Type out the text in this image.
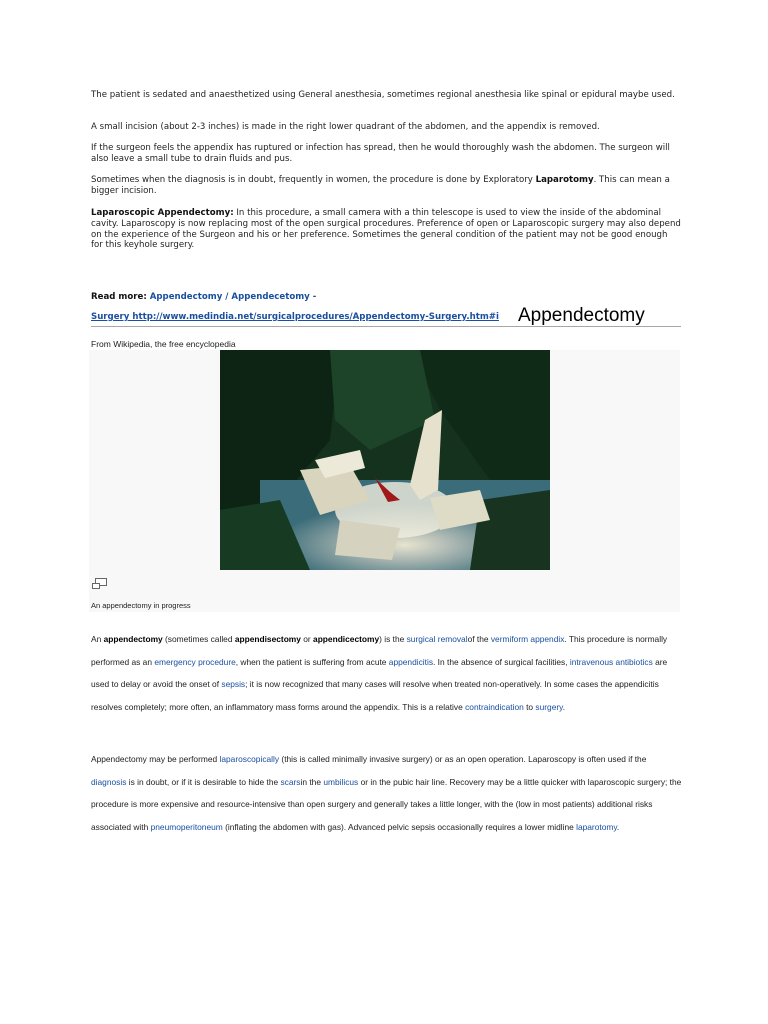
The patient is sedated and anaesthetized using General anesthesia, sometimes regional anesthesia like spinal or epidural maybe used.

A small incision (about 2-3 inches) is made in the right lower quadrant of the abdomen, and the appendix is removed.

If the surgeon feels the appendix has ruptured or infection has spread, then he would thoroughly wash the abdomen. The surgeon will also leave a small tube to drain fluids and pus.

Sometimes when the diagnosis is in doubt, frequently in women, the procedure is done by Exploratory Laparotomy. This can mean a bigger incision.

Laparoscopic Appendectomy: In this procedure, a small camera with a thin telescope is used to view the inside of the abdominal cavity. Laparoscopy is now replacing most of the open surgical procedures. Preference of open or Laparoscopic surgery may also depend on the experience of the Surgeon and his or her preference. Sometimes the general condition of the patient may not be good enough for this keyhole surgery.

Read more: Appendectomy / Appendecetomy -
Surgery http://www.medindia.net/surgicalprocedures/Appendectomy-Surgery.htm#i Appendectomy
From Wikipedia, the free encyclopedia
An appendectomy in progress

An appendectomy (sometimes called appendisectomy or appendicectomy) is the surgical removalof the vermiform appendix. This procedure is normally performed as an emergency procedure, when the patient is suffering from acute appendicitis. In the absence of surgical facilities, intravenous antibiotics are used to delay or avoid the onset of sepsis; it is now recognized that many cases will resolve when treated non-operatively. In some cases the appendicitis resolves completely; more often, an inflammatory mass forms around the appendix. This is a relative contraindication to surgery.

Appendectomy may be performed laparoscopically (this is called minimally invasive surgery) or as an open operation. Laparoscopy is often used if the diagnosis is in doubt, or if it is desirable to hide the scarsin the umbilicus or in the pubic hair line. Recovery may be a little quicker with laparoscopic surgery; the procedure is more expensive and resource-intensive than open surgery and generally takes a little longer, with the (low in most patients) additional risks associated with pneumoperitoneum (inflating the abdomen with gas). Advanced pelvic sepsis occasionally requires a lower midline laparotomy.
